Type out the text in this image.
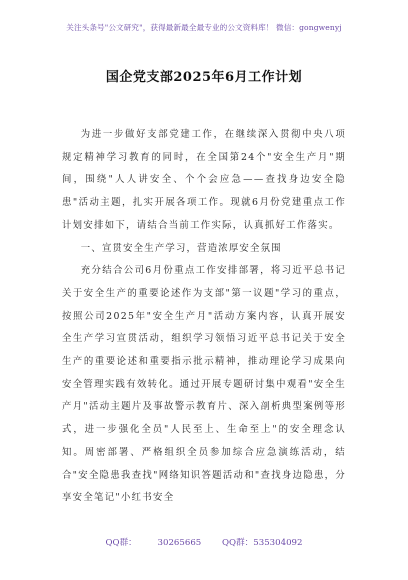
关注头条号"公文研究"，获得最新最全最专业的公文资料库！ 微信：gongwenyj
国企党支部2025年6月工作计划

为进一步做好支部党建工作，在继续深入贯彻中央八项规定精神学习教育的同时，在全国第24个"安全生产月"期间，围绕"人人讲安全、个个会应急——查找身边安全隐患"活动主题，扎实开展各项工作。现就6月份党建重点工作计划安排如下，请结合当前工作实际，认真抓好工作落实。

一、宣贯安全生产学习，营造浓厚安全氛围

充分结合公司6月份重点工作安排部署，将习近平总书记关于安全生产的重要论述作为支部"第一议题"学习的重点，按照公司2025年"安全生产月"活动方案内容，认真开展安全生产学习宣贯活动，组织学习领悟习近平总书记关于安全生产的重要论述和重要指示批示精神，推动理论学习成果向安全管理实践有效转化。通过开展专题研讨集中观看"安全生产月"活动主题片及事故警示教育片、深入剖析典型案例等形式，进一步强化全员"人民至上、生命至上"的安全理念认知。周密部署、严格组织全员参加综合应急演练活动，结合"安全隐患我查找"网络知识答题活动和"查找身边隐患，分享安全笔记"小红书安全

QQ群： 30265665 QQ群：535304092
